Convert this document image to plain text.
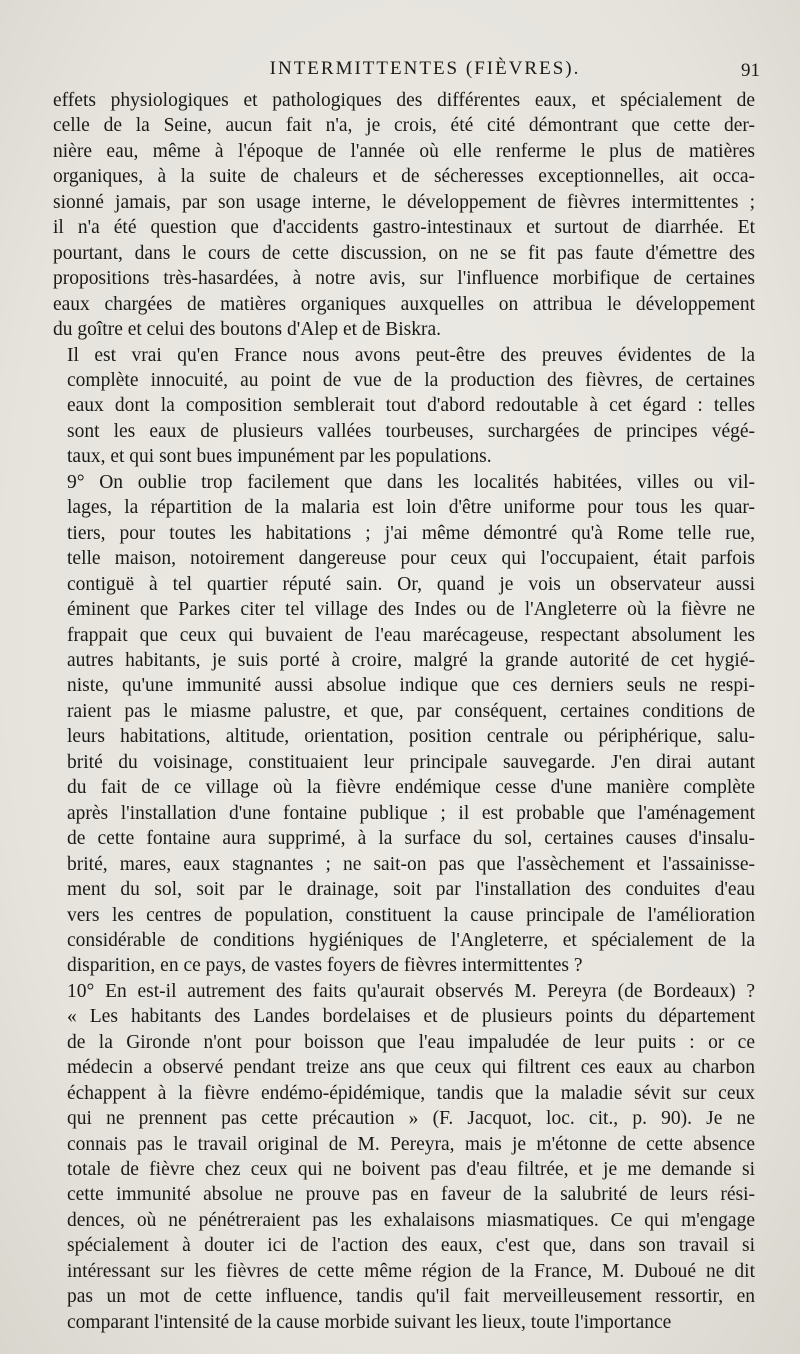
INTERMITTENTES (FIÈVRES).	91

effets physiologiques et pathologiques des différentes eaux, et spécialement de
celle de la Seine, aucun fait n'a, je crois, été cité démontrant que cette der-
nière eau, même à l'époque de l'année où elle renferme le plus de matières
organiques, à la suite de chaleurs et de sécheresses exceptionnelles, ait occa-
sionné jamais, par son usage interne, le développement de fièvres intermittentes ;
il n'a été question que d'accidents gastro-intestinaux et surtout de diarrhée. Et
pourtant, dans le cours de cette discussion, on ne se fit pas faute d'émettre des
propositions très-hasardées, à notre avis, sur l'influence morbifique de certaines
eaux chargées de matières organiques auxquelles on attribua le développement
du goître et celui des boutons d'Alep et de Biskra.

Il est vrai qu'en France nous avons peut-être des preuves évidentes de la
complète innocuité, au point de vue de la production des fièvres, de certaines
eaux dont la composition semblerait tout d'abord redoutable à cet égard : telles
sont les eaux de plusieurs vallées tourbeuses, surchargées de principes végé-
taux, et qui sont bues impunément par les populations.

9° On oublie trop facilement que dans les localités habitées, villes ou vil-
lages, la répartition de la malaria est loin d'être uniforme pour tous les quar-
tiers, pour toutes les habitations ; j'ai même démontré qu'à Rome telle rue,
telle maison, notoirement dangereuse pour ceux qui l'occupaient, était parfois
contiguë à tel quartier réputé sain. Or, quand je vois un observateur aussi
éminent que Parkes citer tel village des Indes ou de l'Angleterre où la fièvre ne
frappait que ceux qui buvaient de l'eau marécageuse, respectant absolument les
autres habitants, je suis porté à croire, malgré la grande autorité de cet hygié-
niste, qu'une immunité aussi absolue indique que ces derniers seuls ne respi-
raient pas le miasme palustre, et que, par conséquent, certaines conditions de
leurs habitations, altitude, orientation, position centrale ou périphérique, salu-
brité du voisinage, constituaient leur principale sauvegarde. J'en dirai autant
du fait de ce village où la fièvre endémique cesse d'une manière complète
après l'installation d'une fontaine publique ; il est probable que l'aménagement
de cette fontaine aura supprimé, à la surface du sol, certaines causes d'insalu-
brité, mares, eaux stagnantes ; ne sait-on pas que l'assèchement et l'assainisse-
ment du sol, soit par le drainage, soit par l'installation des conduites d'eau
vers les centres de population, constituent la cause principale de l'amélioration
considérable de conditions hygiéniques de l'Angleterre, et spécialement de la
disparition, en ce pays, de vastes foyers de fièvres intermittentes ?

10° En est-il autrement des faits qu'aurait observés M. Pereyra (de Bordeaux) ?
« Les habitants des Landes bordelaises et de plusieurs points du département
de la Gironde n'ont pour boisson que l'eau impaludée de leur puits : or ce
médecin a observé pendant treize ans que ceux qui filtrent ces eaux au charbon
échappent à la fièvre endémo-épidémique, tandis que la maladie sévit sur ceux
qui ne prennent pas cette précaution » (F. Jacquot, loc. cit., p. 90). Je ne
connais pas le travail original de M. Pereyra, mais je m'étonne de cette absence
totale de fièvre chez ceux qui ne boivent pas d'eau filtrée, et je me demande si
cette immunité absolue ne prouve pas en faveur de la salubrité de leurs rési-
dences, où ne pénétreraient pas les exhalaisons miasmatiques. Ce qui m'engage
spécialement à douter ici de l'action des eaux, c'est que, dans son travail si
intéressant sur les fièvres de cette même région de la France, M. Duboué ne dit
pas un mot de cette influence, tandis qu'il fait merveilleusement ressortir, en
comparant l'intensité de la cause morbide suivant les lieux, toute l'importance
